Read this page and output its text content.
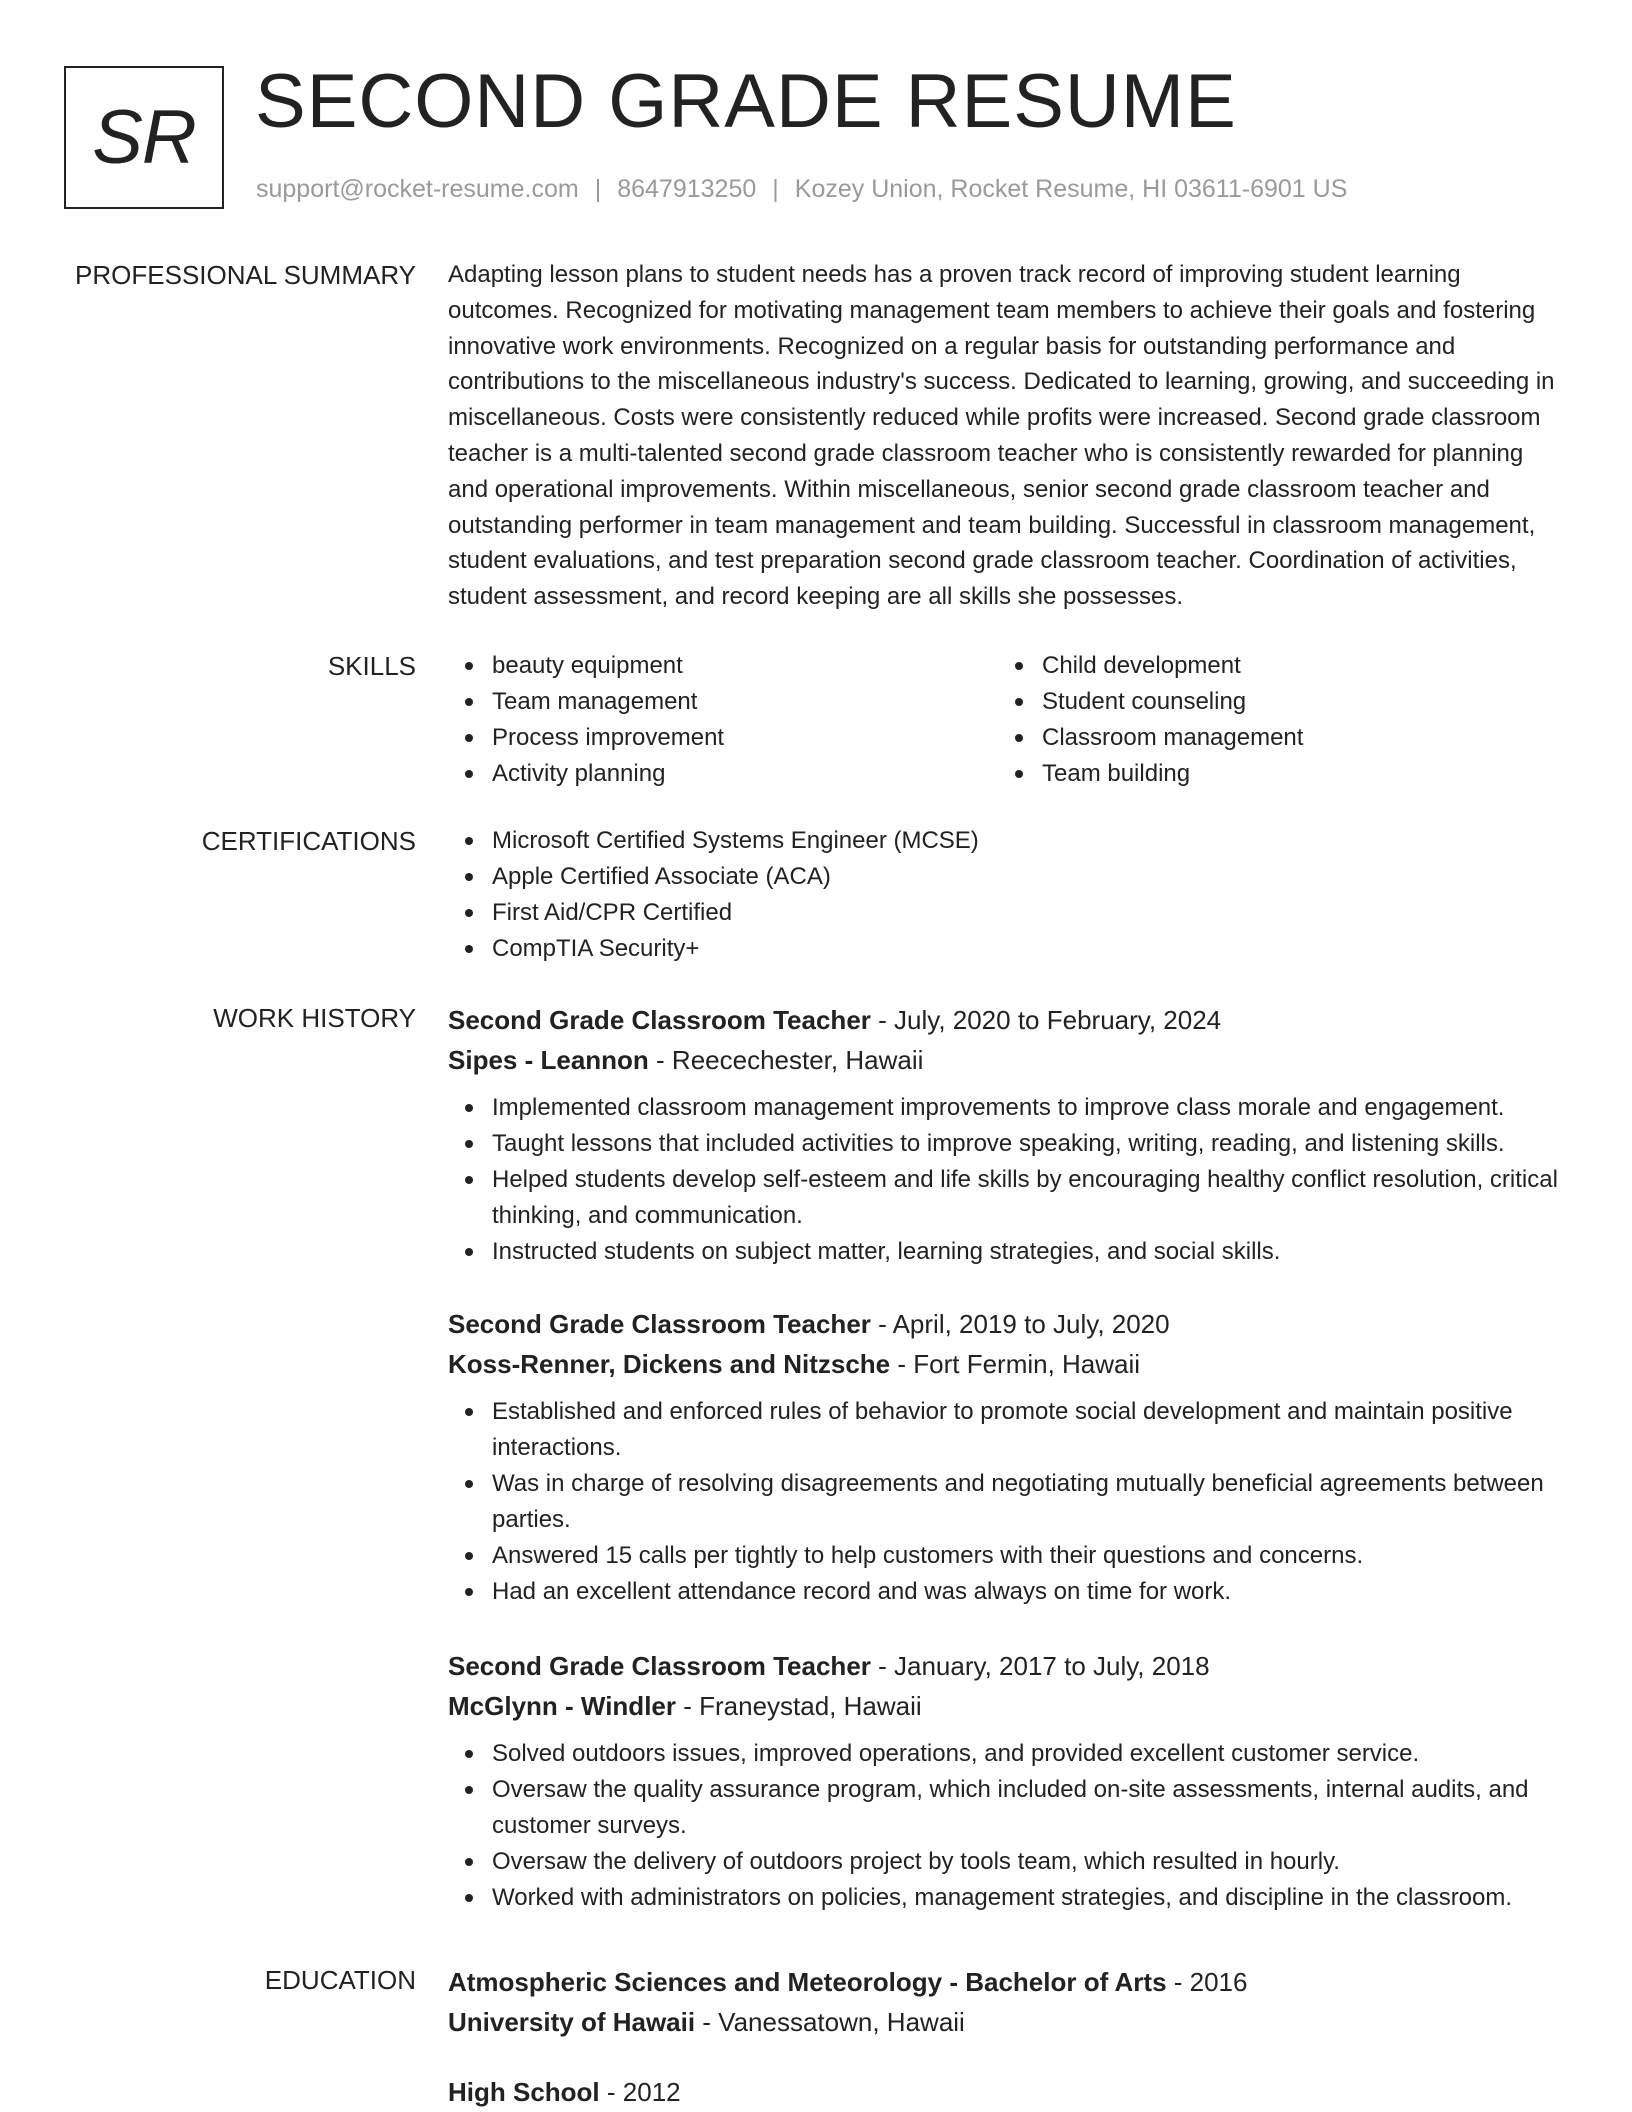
SR SECOND GRADE RESUME
support@rocket-resume.com | 8647913250 | Kozey Union, Rocket Resume, HI 03611-6901 US
PROFESSIONAL SUMMARY Adapting lesson plans to student needs has a proven track record of improving student learning outcomes. Recognized for motivating management team members to achieve their goals and fostering innovative work environments. Recognized on a regular basis for outstanding performance and contributions to the miscellaneous industry's success. Dedicated to learning, growing, and succeeding in miscellaneous. Costs were consistently reduced while profits were increased. Second grade classroom teacher is a multi-talented second grade classroom teacher who is consistently rewarded for planning and operational improvements. Within miscellaneous, senior second grade classroom teacher and outstanding performer in team management and team building. Successful in classroom management, student evaluations, and test preparation second grade classroom teacher. Coordination of activities, student assessment, and record keeping are all skills she possesses.
SKILLS	beauty equipment
Team management
Process improvement
Activity planning
Child development
Student counseling
Classroom management
Team building
CERTIFICATIONS	Microsoft Certified Systems Engineer (MCSE)
Apple Certified Associate (ACA)
First Aid/CPR Certified
CompTIA Security+
WORK HISTORY Second Grade Classroom Teacher - July, 2020 to February, 2024
Sipes - Leannon - Reecechester, Hawaii
Implemented classroom management improvements to improve class morale and engagement.
Taught lessons that included activities to improve speaking, writing, reading, and listening skills.
Helped students develop self-esteem and life skills by encouraging healthy conflict resolution, critical thinking, and communication.
Instructed students on subject matter, learning strategies, and social skills.
Second Grade Classroom Teacher - April, 2019 to July, 2020
Koss-Renner, Dickens and Nitzsche - Fort Fermin, Hawaii
Established and enforced rules of behavior to promote social development and maintain positive interactions.
Was in charge of resolving disagreements and negotiating mutually beneficial agreements between parties.
Answered 15 calls per tightly to help customers with their questions and concerns.
Had an excellent attendance record and was always on time for work.
Second Grade Classroom Teacher - January, 2017 to July, 2018
McGlynn - Windler - Franeystad, Hawaii
Solved outdoors issues, improved operations, and provided excellent customer service.
Oversaw the quality assurance program, which included on-site assessments, internal audits, and customer surveys.
Oversaw the delivery of outdoors project by tools team, which resulted in hourly.
Worked with administrators on policies, management strategies, and discipline in the classroom.
EDUCATION Atmospheric Sciences and Meteorology - Bachelor of Arts - 2016
University of Hawaii - Vanessatown, Hawaii
High School - 2012
